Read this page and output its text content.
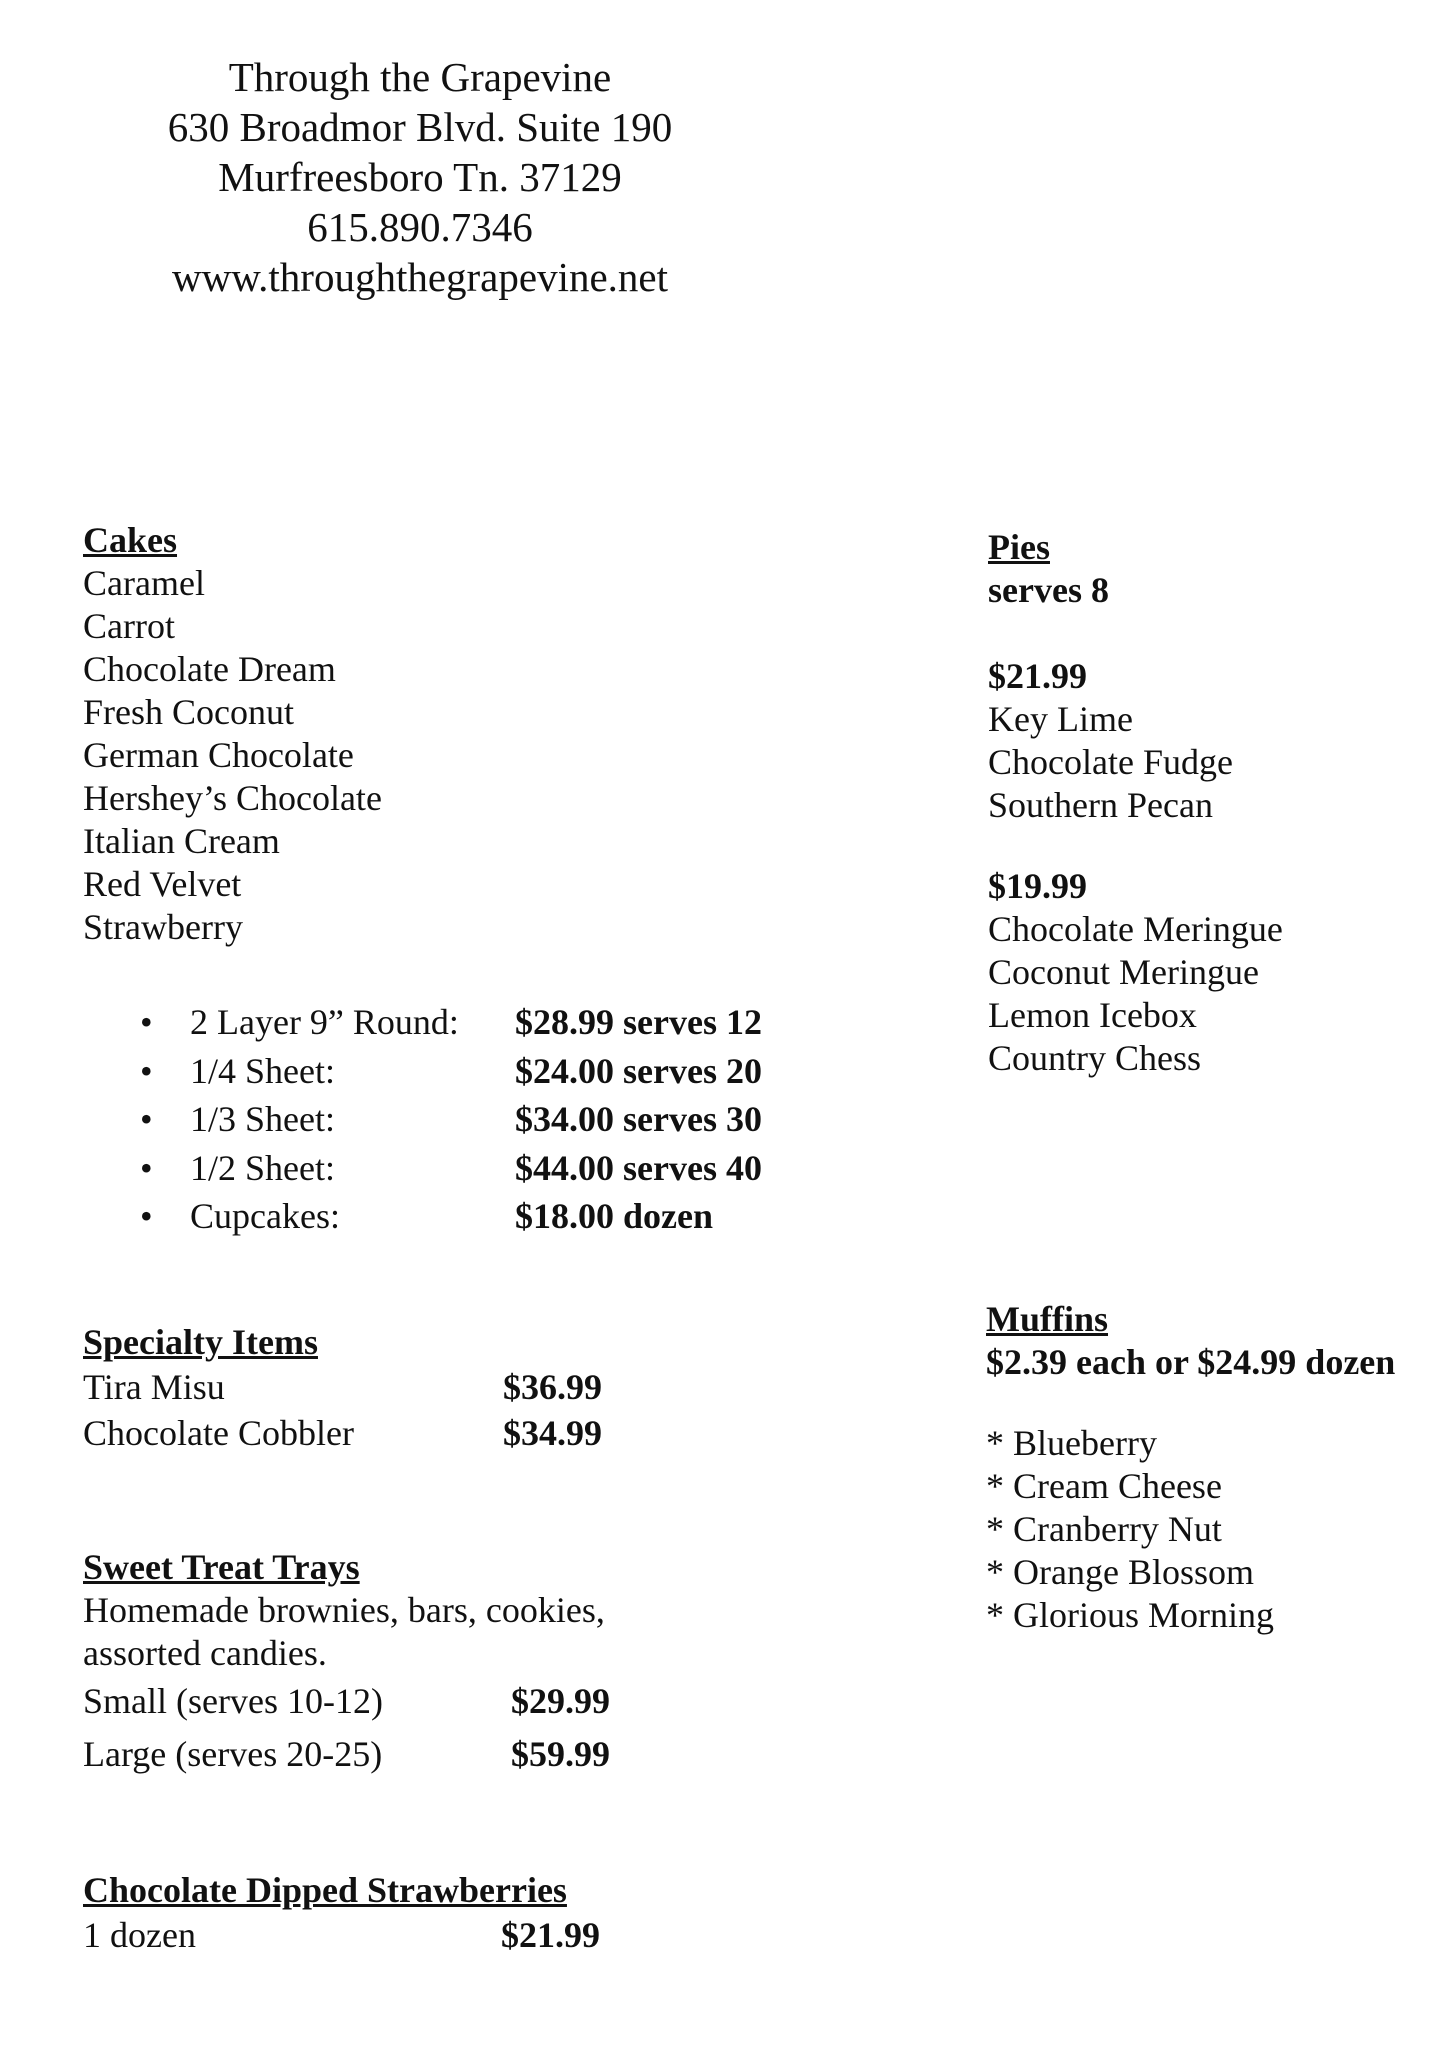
Through the Grapevine
630 Broadmor Blvd. Suite 190
Murfreesboro Tn. 37129
615.890.7346
www.throughthegrapevine.net
Cakes
Caramel
Carrot
Chocolate Dream
Fresh Coconut
German Chocolate
Hershey’s Chocolate
Italian Cream
Red Velvet
Strawberry
• 2 Layer 9” Round: $28.99 serves 12
• 1/4 Sheet:	$24.00 serves 20
• 1/3 Sheet:	$34.00 serves 30
• 1/2 Sheet:	$44.00 serves 40
• Cupcakes:	$18.00 dozen
Specialty Items
Tira Misu	$36.99
Chocolate Cobbler	$34.99
Sweet Treat Trays
Homemade brownies, bars, cookies,
assorted candies.
Small (serves 10-12)	$29.99
Large (serves 20-25)	$59.99
Chocolate Dipped Strawberries
1 dozen	$21.99
Pies
serves 8
$21.99
Key Lime
Chocolate Fudge
Southern Pecan
$19.99
Chocolate Meringue
Coconut Meringue
Lemon Icebox
Country Chess
Muffins
$2.39 each or $24.99 dozen
* Blueberry
* Cream Cheese
* Cranberry Nut
* Orange Blossom
* Glorious Morning
